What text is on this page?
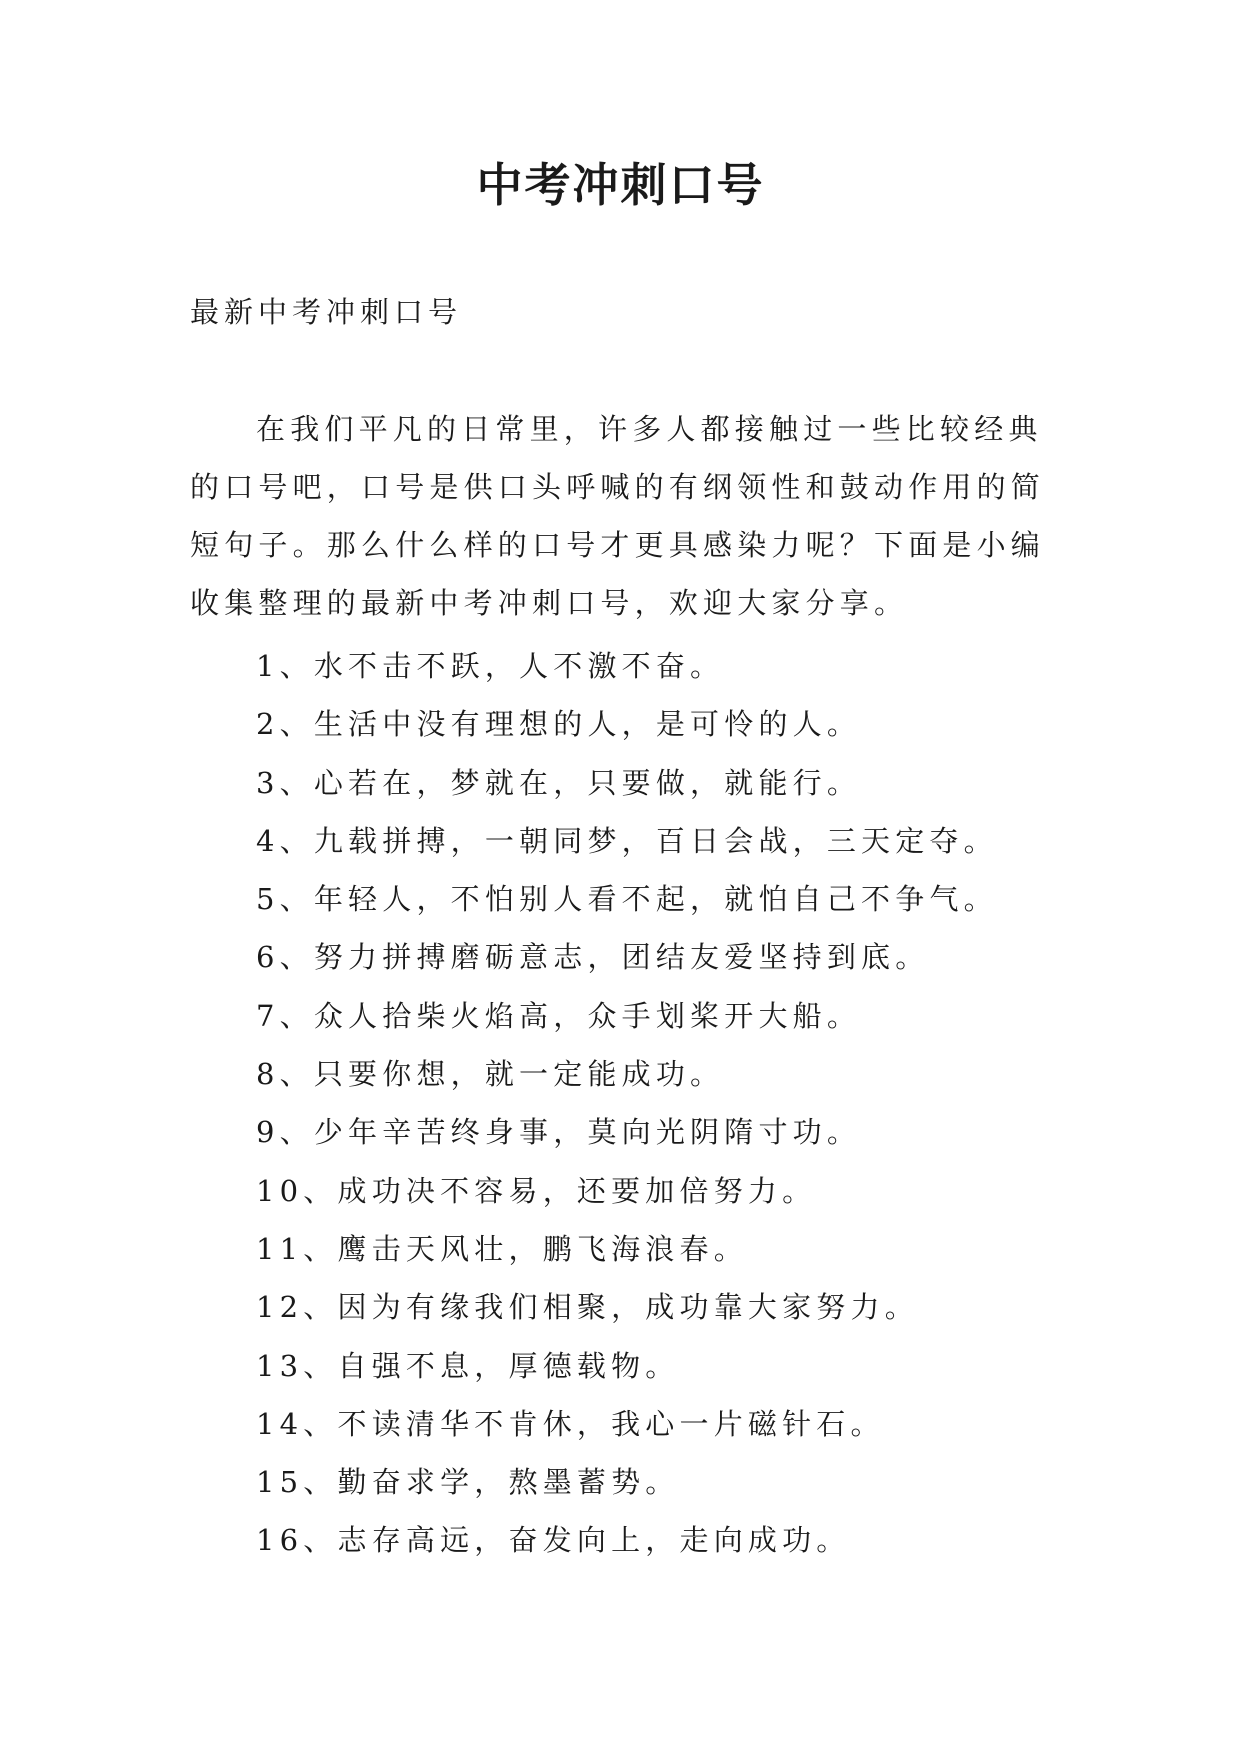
中考冲刺口号
最新中考冲刺口号

在我们平凡的日常里，许多人都接触过一些比较经典的口号吧，口号是供口头呼喊的有纲领性和鼓动作用的简短句子。那么什么样的口号才更具感染力呢？下面是小编收集整理的最新中考冲刺口号，欢迎大家分享。

1、水不击不跃，人不激不奋。
2、生活中没有理想的人，是可怜的人。
3、心若在，梦就在，只要做，就能行。
4、九载拼搏，一朝同梦，百日会战，三天定夺。
5、年轻人，不怕别人看不起，就怕自己不争气。
6、努力拼搏磨砺意志，团结友爱坚持到底。
7、众人拾柴火焰高，众手划桨开大船。
8、只要你想，就一定能成功。
9、少年辛苦终身事，莫向光阴隋寸功。
10、成功决不容易，还要加倍努力。
11、鹰击天风壮，鹏飞海浪春。
12、因为有缘我们相聚，成功靠大家努力。
13、自强不息，厚德载物。
14、不读清华不肯休，我心一片磁针石。
15、勤奋求学，熬墨蓄势。
16、志存高远，奋发向上，走向成功。
